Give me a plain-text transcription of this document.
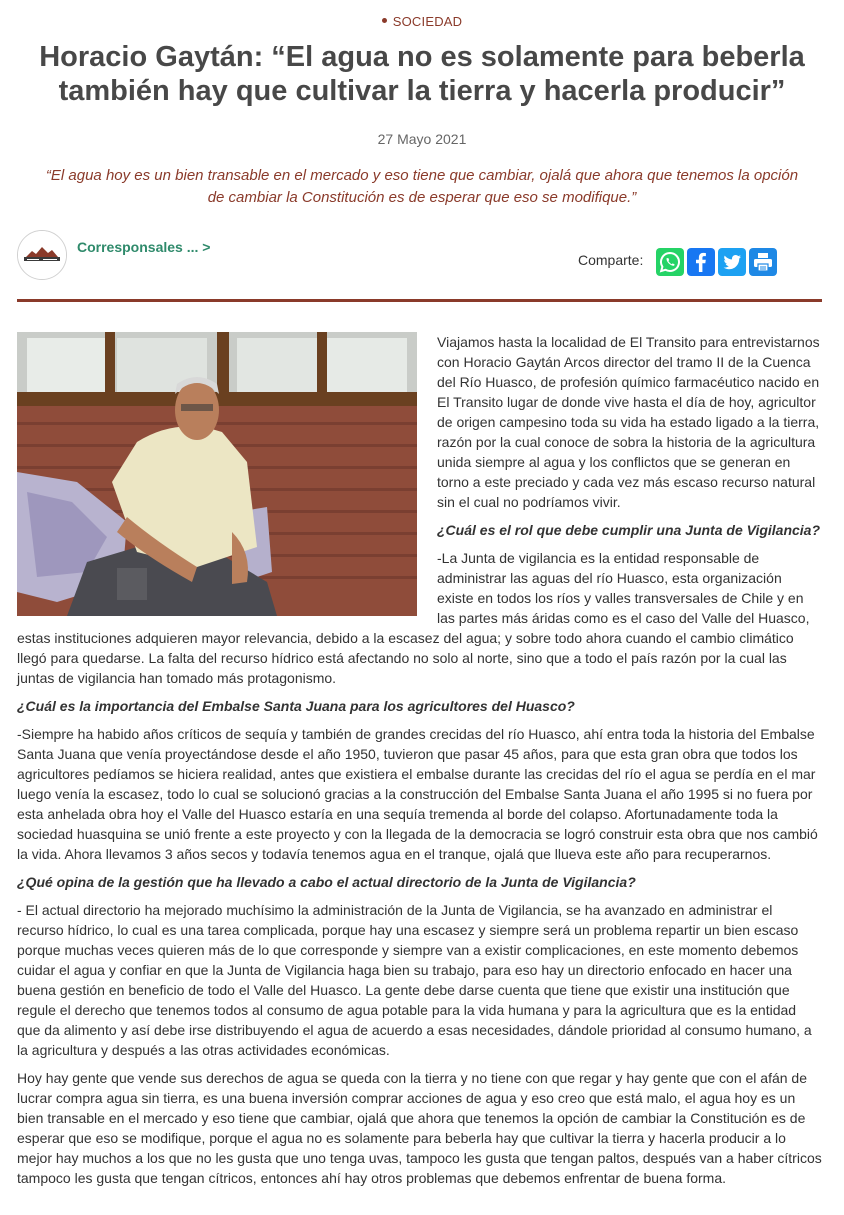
SOCIEDAD
Horacio Gaytán: “El agua no es solamente para beberla también hay que cultivar la tierra y hacerla producir”
27 Mayo 2021

“El agua hoy es un bien transable en el mercado y eso tiene que cambiar, ojalá que ahora que tenemos la opción de cambiar la Constitución es de esperar que eso se modifique.”

Corresponsales ... >
Comparte:

Viajamos hasta la localidad de El Transito para entrevistarnos con Horacio Gaytán Arcos director del tramo II de la Cuenca del Río Huasco, de profesión químico farmacéutico nacido en El Transito lugar de donde vive hasta el día de hoy, agricultor de origen campesino toda su vida ha estado ligado a la tierra, razón por la cual conoce de sobra la historia de la agricultura unida siempre al agua y los conflictos que se generan en torno a este preciado y cada vez más escaso recurso natural sin el cual no podríamos vivir.

¿Cuál es el rol que debe cumplir una Junta de Vigilancia?

-La Junta de vigilancia es la entidad responsable de administrar las aguas del río Huasco, esta organización existe en todos los ríos y valles transversales de Chile y en las partes más áridas como es el caso del Valle del Huasco, estas instituciones adquieren mayor relevancia, debido a la escasez del agua; y sobre todo ahora cuando el cambio climático llegó para quedarse. La falta del recurso hídrico está afectando no solo al norte, sino que a todo el país razón por la cual las juntas de vigilancia han tomado más protagonismo.

¿Cuál es la importancia del Embalse Santa Juana para los agricultores del Huasco?

-Siempre ha habido años críticos de sequía y también de grandes crecidas del río Huasco, ahí entra toda la historia del Embalse Santa Juana que venía proyectándose desde el año 1950, tuvieron que pasar 45 años, para que esta gran obra que todos los agricultores pedíamos se hiciera realidad, antes que existiera el embalse durante las crecidas del río el agua se perdía en el mar luego venía la escasez, todo lo cual se solucionó gracias a la construcción del Embalse Santa Juana el año 1995 si no fuera por esta anhelada obra hoy el Valle del Huasco estaría en una sequía tremenda al borde del colapso. Afortunadamente toda la sociedad huasquina se unió frente a este proyecto y con la llegada de la democracia se logró construir esta obra que nos cambió la vida. Ahora llevamos 3 años secos y todavía tenemos agua en el tranque, ojalá que llueva este año para recuperarnos.

¿Qué opina de la gestión que ha llevado a cabo el actual directorio de la Junta de Vigilancia?

- El actual directorio ha mejorado muchísimo la administración de la Junta de Vigilancia, se ha avanzado en administrar el recurso hídrico, lo cual es una tarea complicada, porque hay una escasez y siempre será un problema repartir un bien escaso porque muchas veces quieren más de lo que corresponde y siempre van a existir complicaciones, en este momento debemos cuidar el agua y confiar en que la Junta de Vigilancia haga bien su trabajo, para eso hay un directorio enfocado en hacer una buena gestión en beneficio de todo el Valle del Huasco. La gente debe darse cuenta que tiene que existir una institución que regule el derecho que tenemos todos al consumo de agua potable para la vida humana y para la agricultura que es la entidad que da alimento y así debe irse distribuyendo el agua de acuerdo a esas necesidades, dándole prioridad al consumo humano, a la agricultura y después a las otras actividades económicas.

Hoy hay gente que vende sus derechos de agua se queda con la tierra y no tiene con que regar y hay gente que con el afán de lucrar compra agua sin tierra, es una buena inversión comprar acciones de agua y eso creo que está malo, el agua hoy es un bien transable en el mercado y eso tiene que cambiar, ojalá que ahora que tenemos la opción de cambiar la Constitución es de esperar que eso se modifique, porque el agua no es solamente para beberla hay que cultivar la tierra y hacerla producir a lo mejor hay muchos a los que no les gusta que uno tenga uvas, tampoco les gusta que tengan paltos, después van a haber cítricos tampoco les gusta que tengan cítricos, entonces ahí hay otros problemas que debemos enfrentar de buena forma.
